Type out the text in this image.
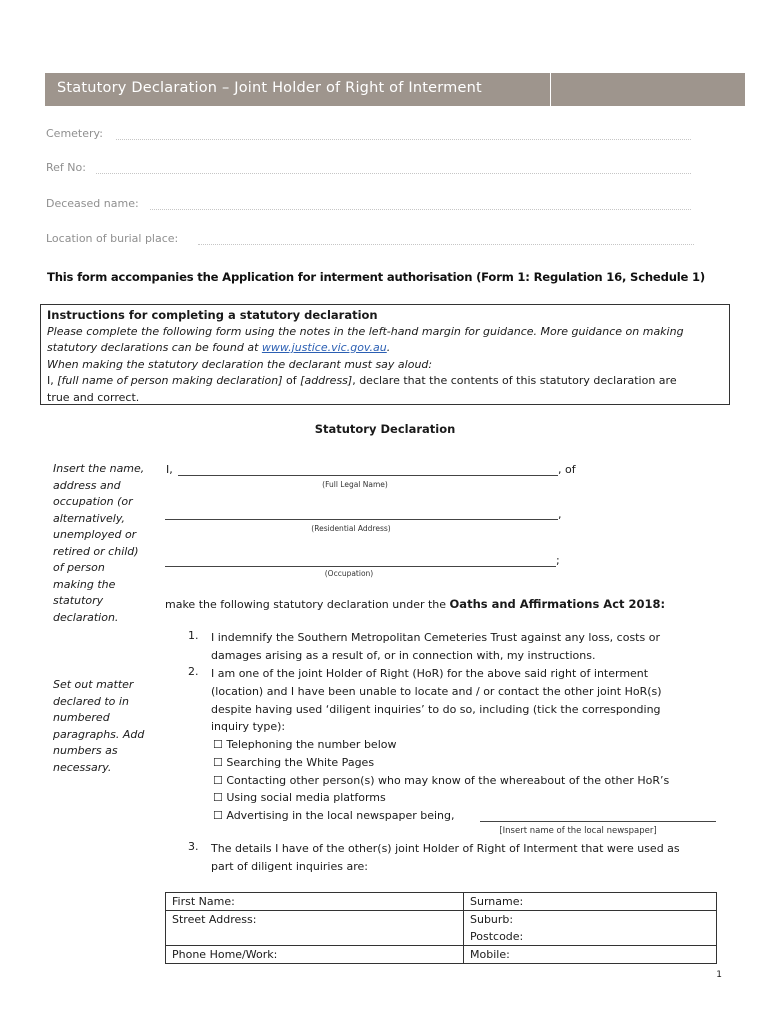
Statutory Declaration – Joint Holder of Right of Interment
Cemetery:
Ref No:
Deceased name:
Location of burial place:
This form accompanies the Application for interment authorisation (Form 1: Regulation 16, Schedule 1)
Instructions for completing a statutory declaration
Please complete the following form using the notes in the left-hand margin for guidance. More guidance on making
statutory declarations can be found at www.justice.vic.gov.au.
When making the statutory declaration the declarant must say aloud:
I, [full name of person making declaration] of [address], declare that the contents of this statutory declaration are
true and correct.
Statutory Declaration
Insert the name,
address and
occupation (or
alternatively,
unemployed or
retired or child)
of person
making the
statutory
declaration.
Set out matter
declared to in
numbered
paragraphs. Add
numbers as
necessary.
I,	, of
(Full Legal Name)
,
(Residential Address)
;
(Occupation)
make the following statutory declaration under the Oaths and Affirmations Act 2018:
1. I indemnify the Southern Metropolitan Cemeteries Trust against any loss, costs or
damages arising as a result of, or in connection with, my instructions.
2. I am one of the joint Holder of Right (HoR) for the above said right of interment
(location) and I have been unable to locate and / or contact the other joint HoR(s)
despite having used ‘diligent inquiries’ to do so, including (tick the corresponding
inquiry type):
☐ Telephoning the number below
☐ Searching the White Pages
☐ Contacting other person(s) who may know of the whereabout of the other HoR’s
☐ Using social media platforms
☐ Advertising in the local newspaper being,
[Insert name of the local newspaper]
3. The details I have of the other(s) joint Holder of Right of Interment that were used as
part of diligent inquiries are:
First Name:	Surname:
Street Address:	Suburb:
Postcode:

Phone Home/Work:	Mobile:
1
